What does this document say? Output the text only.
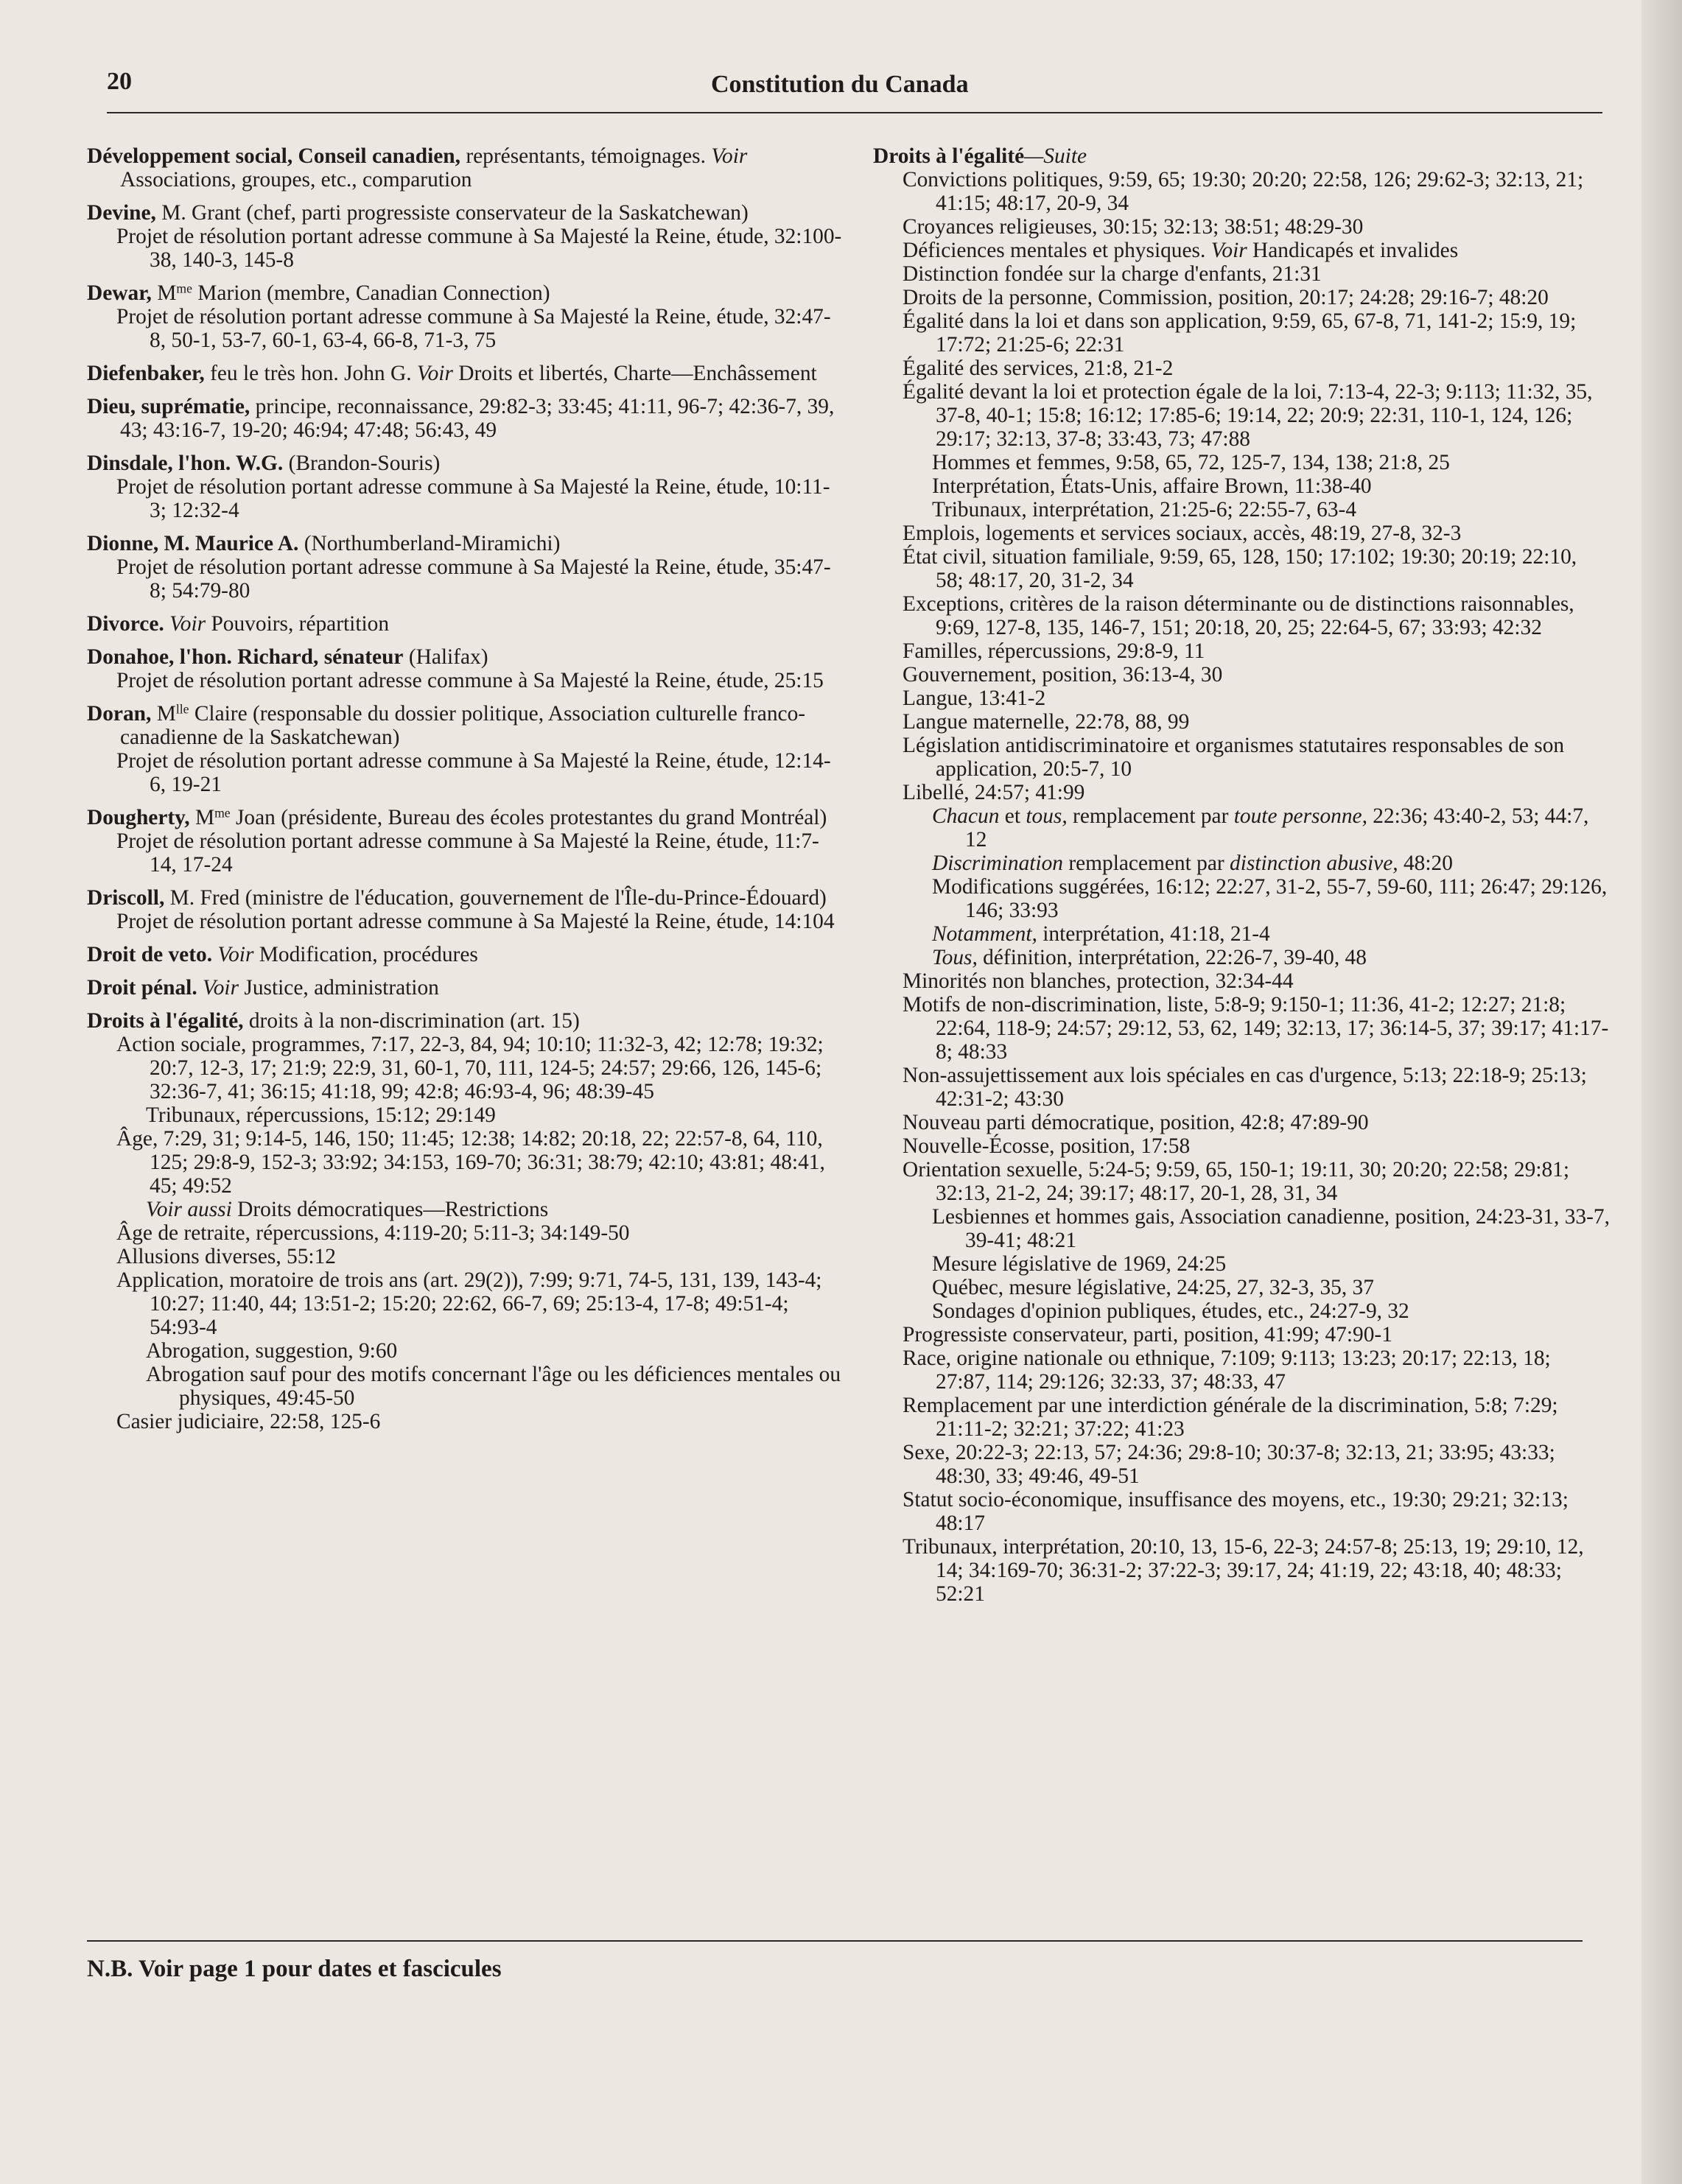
20	Constitution du Canada
Développement social, Conseil canadien, représentants, témoignages. Voir Associations, groupes, etc., comparution
Devine, M. Grant (chef, parti progressiste conservateur de la Saskatchewan)
Projet de résolution portant adresse commune à Sa Majesté la Reine, étude, 32:100-38, 140-3, 145-8
Dewar, $M^{me}$ Marion (membre, Canadian Connection)
Projet de résolution portant adresse commune à Sa Majesté la Reine, étude, 32:47-8, 50-1, 53-7, 60-1, 63-4, 66-8, 71-3, 75
Diefenbaker, feu le très hon. John G. Voir Droits et libertés, Charte—Enchâssement
Dieu, suprématie, principe, reconnaissance, 29:82-3; 33:45; 41:11, 96-7; 42:36-7, 39, 43; 43:16-7, 19-20; 46:94; 47:48; 56:43, 49
Dinsdale, l'hon. W.G. (Brandon-Souris)
Projet de résolution portant adresse commune à Sa Majesté la Reine, étude, 10:11-3; 12:32-4
Dionne, M. Maurice A. (Northumberland-Miramichi)
Projet de résolution portant adresse commune à Sa Majesté la Reine, étude, 35:47-8; 54:79-80
Divorce. Voir Pouvoirs, répartition
Donahoe, l'hon. Richard, sénateur (Halifax)
Projet de résolution portant adresse commune à Sa Majesté la Reine, étude, 25:15
Doran, $M^{lle}$ Claire (responsable du dossier politique, Association culturelle franco-canadienne de la Saskatchewan)
Projet de résolution portant adresse commune à Sa Majesté la Reine, étude, 12:14-6, 19-21
Dougherty, $M^{me}$ Joan (présidente, Bureau des écoles protestantes du grand Montréal)
Projet de résolution portant adresse commune à Sa Majesté la Reine, étude, 11:7-14, 17-24
Driscoll, M. Fred (ministre de l'éducation, gouvernement de l'Île-du-Prince-Édouard)
Projet de résolution portant adresse commune à Sa Majesté la Reine, étude, 14:104
Droit de veto. Voir Modification, procédures
Droit pénal. Voir Justice, administration
Droits à l'égalité, droits à la non-discrimination (art. 15)
Action sociale, programmes, 7:17, 22-3, 84, 94; 10:10; 11:32-3, 42; 12:78; 19:32; 20:7, 12-3, 17; 21:9; 22:9, 31, 60-1, 70, 111, 124-5; 24:57; 29:66, 126, 145-6; 32:36-7, 41; 36:15; 41:18, 99; 42:8; 46:93-4, 96; 48:39-45
Tribunaux, répercussions, 15:12; 29:149
Âge, 7:29, 31; 9:14-5, 146, 150; 11:45; 12:38; 14:82; 20:18, 22; 22:57-8, 64, 110, 125; 29:8-9, 152-3; 33:92; 34:153, 169-70; 36:31; 38:79; 42:10; 43:81; 48:41, 45; 49:52
Voir aussi Droits démocratiques—Restrictions
Âge de retraite, répercussions, 4:119-20; 5:11-3; 34:149-50
Allusions diverses, 55:12
Application, moratoire de trois ans (art. 29(2)), 7:99; 9:71, 74-5, 131, 139, 143-4; 10:27; 11:40, 44; 13:51-2; 15:20; 22:62, 66-7, 69; 25:13-4, 17-8; 49:51-4; 54:93-4
Abrogation, suggestion, 9:60
Abrogation sauf pour des motifs concernant l'âge ou les déficiences mentales ou physiques, 49:45-50
Casier judiciaire, 22:58, 125-6
Droits à l'égalité—Suite
Convictions politiques, 9:59, 65; 19:30; 20:20; 22:58, 126; 29:62-3; 32:13, 21; 41:15; 48:17, 20-9, 34
Croyances religieuses, 30:15; 32:13; 38:51; 48:29-30
Déficiences mentales et physiques. Voir Handicapés et invalides
Distinction fondée sur la charge d'enfants, 21:31
Droits de la personne, Commission, position, 20:17; 24:28; 29:16-7; 48:20
Égalité dans la loi et dans son application, 9:59, 65, 67-8, 71, 141-2; 15:9, 19; 17:72; 21:25-6; 22:31
Égalité des services, 21:8, 21-2
Égalité devant la loi et protection égale de la loi, 7:13-4, 22-3; 9:113; 11:32, 35, 37-8, 40-1; 15:8; 16:12; 17:85-6; 19:14, 22; 20:9; 22:31, 110-1, 124, 126; 29:17; 32:13, 37-8; 33:43, 73; 47:88
Hommes et femmes, 9:58, 65, 72, 125-7, 134, 138; 21:8, 25
Interprétation, États-Unis, affaire Brown, 11:38-40
Tribunaux, interprétation, 21:25-6; 22:55-7, 63-4
Emplois, logements et services sociaux, accès, 48:19, 27-8, 32-3
État civil, situation familiale, 9:59, 65, 128, 150; 17:102; 19:30; 20:19; 22:10, 58; 48:17, 20, 31-2, 34
Exceptions, critères de la raison déterminante ou de distinctions raisonnables, 9:69, 127-8, 135, 146-7, 151; 20:18, 20, 25; 22:64-5, 67; 33:93; 42:32
Familles, répercussions, 29:8-9, 11
Gouvernement, position, 36:13-4, 30
Langue, 13:41-2
Langue maternelle, 22:78, 88, 99
Législation antidiscriminatoire et organismes statutaires responsables de son application, 20:5-7, 10
Libellé, 24:57; 41:99
Chacun et tous, remplacement par toute personne, 22:36; 43:40-2, 53; 44:7, 12
Discrimination remplacement par distinction abusive, 48:20
Modifications suggérées, 16:12; 22:27, 31-2, 55-7, 59-60, 111; 26:47; 29:126, 146; 33:93
Notamment, interprétation, 41:18, 21-4
Tous, définition, interprétation, 22:26-7, 39-40, 48
Minorités non blanches, protection, 32:34-44
Motifs de non-discrimination, liste, 5:8-9; 9:150-1; 11:36, 41-2; 12:27; 21:8; 22:64, 118-9; 24:57; 29:12, 53, 62, 149; 32:13, 17; 36:14-5, 37; 39:17; 41:17-8; 48:33
Non-assujettissement aux lois spéciales en cas d'urgence, 5:13; 22:18-9; 25:13; 42:31-2; 43:30
Nouveau parti démocratique, position, 42:8; 47:89-90
Nouvelle-Écosse, position, 17:58
Orientation sexuelle, 5:24-5; 9:59, 65, 150-1; 19:11, 30; 20:20; 22:58; 29:81; 32:13, 21-2, 24; 39:17; 48:17, 20-1, 28, 31, 34
Lesbiennes et hommes gais, Association canadienne, position, 24:23-31, 33-7, 39-41; 48:21
Mesure législative de 1969, 24:25
Québec, mesure législative, 24:25, 27, 32-3, 35, 37
Sondages d'opinion publiques, études, etc., 24:27-9, 32
Progressiste conservateur, parti, position, 41:99; 47:90-1
Race, origine nationale ou ethnique, 7:109; 9:113; 13:23; 20:17; 22:13, 18; 27:87, 114; 29:126; 32:33, 37; 48:33, 47
Remplacement par une interdiction générale de la discrimination, 5:8; 7:29; 21:11-2; 32:21; 37:22; 41:23
Sexe, 20:22-3; 22:13, 57; 24:36; 29:8-10; 30:37-8; 32:13, 21; 33:95; 43:33; 48:30, 33; 49:46, 49-51
Statut socio-économique, insuffisance des moyens, etc., 19:30; 29:21; 32:13; 48:17
Tribunaux, interprétation, 20:10, 13, 15-6, 22-3; 24:57-8; 25:13, 19; 29:10, 12, 14; 34:169-70; 36:31-2; 37:22-3; 39:17, 24; 41:19, 22; 43:18, 40; 48:33; 52:21
N.B. Voir page 1 pour dates et fascicules
